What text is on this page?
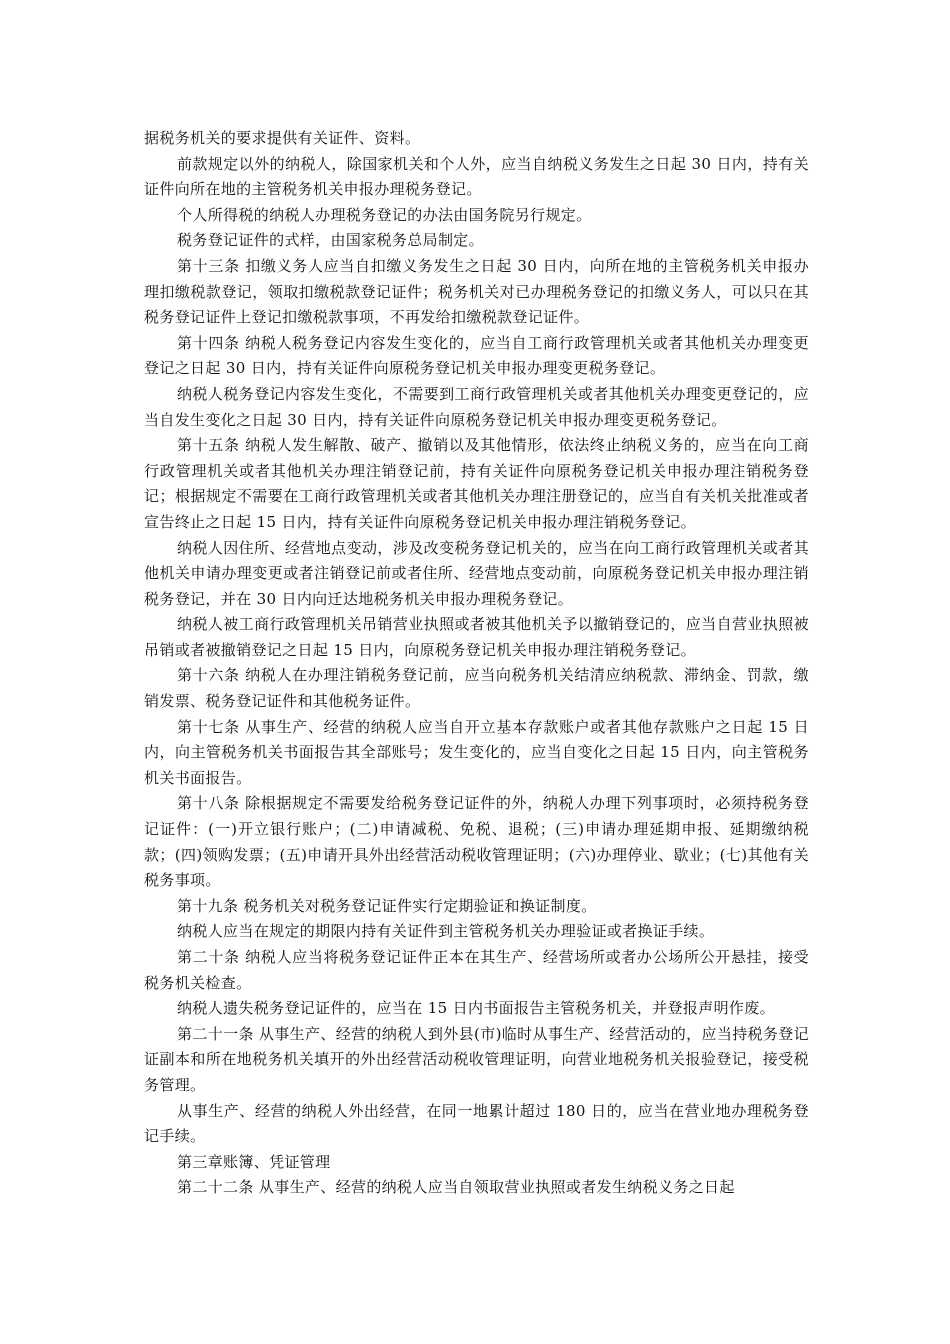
据税务机关的要求提供有关证件、资料。

前款规定以外的纳税人，除国家机关和个人外，应当自纳税义务发生之日起 30 日内，持有关证件向所在地的主管税务机关申报办理税务登记。

个人所得税的纳税人办理税务登记的办法由国务院另行规定。

税务登记证件的式样，由国家税务总局制定。

第十三条 扣缴义务人应当自扣缴义务发生之日起 30 日内，向所在地的主管税务机关申报办理扣缴税款登记，领取扣缴税款登记证件；税务机关对已办理税务登记的扣缴义务人，可以只在其税务登记证件上登记扣缴税款事项，不再发给扣缴税款登记证件。

第十四条 纳税人税务登记内容发生变化的，应当自工商行政管理机关或者其他机关办理变更登记之日起 30 日内，持有关证件向原税务登记机关申报办理变更税务登记。

纳税人税务登记内容发生变化，不需要到工商行政管理机关或者其他机关办理变更登记的，应当自发生变化之日起 30 日内，持有关证件向原税务登记机关申报办理变更税务登记。

第十五条 纳税人发生解散、破产、撤销以及其他情形，依法终止纳税义务的，应当在向工商行政管理机关或者其他机关办理注销登记前，持有关证件向原税务登记机关申报办理注销税务登记；根据规定不需要在工商行政管理机关或者其他机关办理注册登记的，应当自有关机关批准或者宣告终止之日起 15 日内，持有关证件向原税务登记机关申报办理注销税务登记。

纳税人因住所、经营地点变动，涉及改变税务登记机关的，应当在向工商行政管理机关或者其他机关申请办理变更或者注销登记前或者住所、经营地点变动前，向原税务登记机关申报办理注销税务登记，并在 30 日内向迁达地税务机关申报办理税务登记。

纳税人被工商行政管理机关吊销营业执照或者被其他机关予以撤销登记的，应当自营业执照被吊销或者被撤销登记之日起 15 日内，向原税务登记机关申报办理注销税务登记。

第十六条 纳税人在办理注销税务登记前，应当向税务机关结清应纳税款、滞纳金、罚款，缴销发票、税务登记证件和其他税务证件。

第十七条 从事生产、经营的纳税人应当自开立基本存款账户或者其他存款账户之日起 15 日内，向主管税务机关书面报告其全部账号；发生变化的，应当自变化之日起 15 日内，向主管税务机关书面报告。

第十八条 除根据规定不需要发给税务登记证件的外，纳税人办理下列事项时，必须持税务登记证件：(一)开立银行账户；(二)申请减税、免税、退税；(三)申请办理延期申报、延期缴纳税款；(四)领购发票；(五)申请开具外出经营活动税收管理证明；(六)办理停业、歇业；(七)其他有关税务事项。

第十九条 税务机关对税务登记证件实行定期验证和换证制度。

纳税人应当在规定的期限内持有关证件到主管税务机关办理验证或者换证手续。

第二十条 纳税人应当将税务登记证件正本在其生产、经营场所或者办公场所公开悬挂，接受税务机关检查。

纳税人遗失税务登记证件的，应当在 15 日内书面报告主管税务机关，并登报声明作废。

第二十一条 从事生产、经营的纳税人到外县(市)临时从事生产、经营活动的，应当持税务登记证副本和所在地税务机关填开的外出经营活动税收管理证明，向营业地税务机关报验登记，接受税务管理。

从事生产、经营的纳税人外出经营，在同一地累计超过 180 日的，应当在营业地办理税务登记手续。

第三章账簿、凭证管理

第二十二条 从事生产、经营的纳税人应当自领取营业执照或者发生纳税义务之日起
